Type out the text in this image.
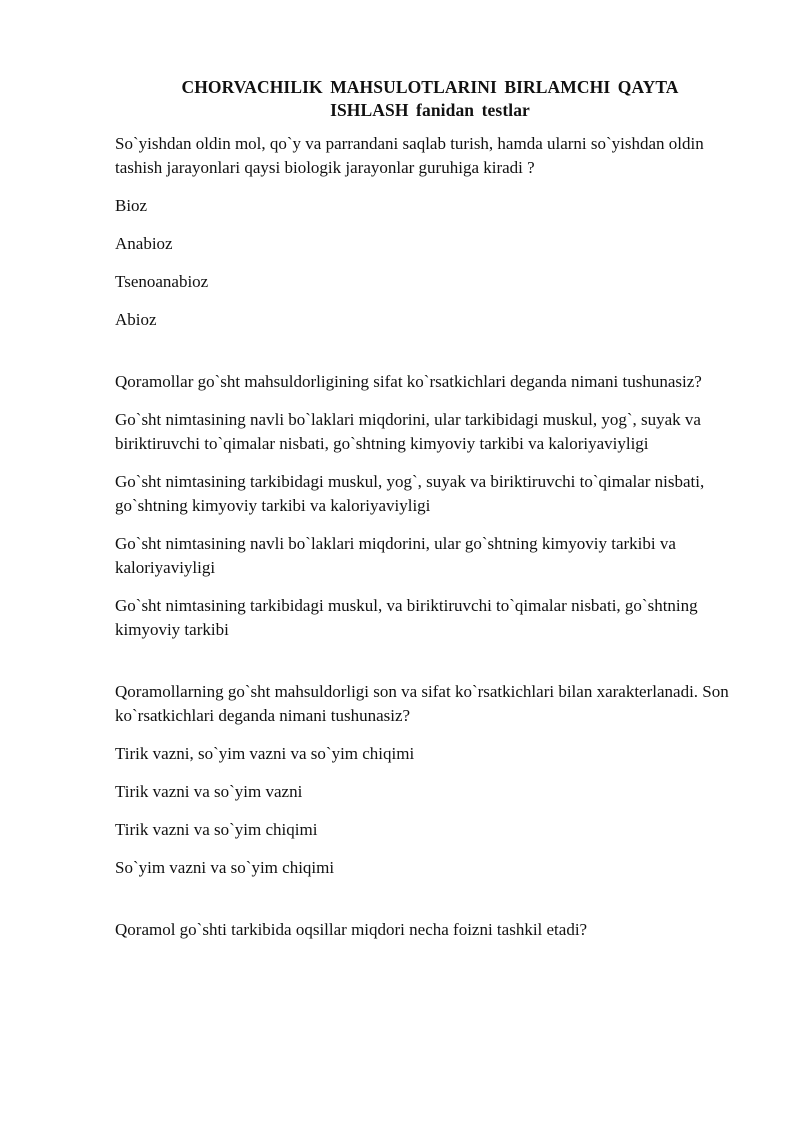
CHORVACHILIK MAHSULOTLARINI BIRLAMCHI QAYTA
ISHLASH fanidan testlar

So`yishdan oldin mol, qo`y va parrandani saqlab turish, hamda ularni so`yishdan oldin tashish jarayonlari qaysi biologik jarayonlar guruhiga kiradi ?

Bioz

Anabioz

Tsenoanabioz

Abioz

Qoramollar go`sht mahsuldorligining sifat ko`rsatkichlari deganda nimani tushunasiz?

Go`sht nimtasining navli bo`laklari miqdorini, ular tarkibidagi muskul, yog`, suyak va biriktiruvchi to`qimalar nisbati, go`shtning kimyoviy tarkibi va kaloriyaviyligi

Go`sht nimtasining tarkibidagi muskul, yog`, suyak va biriktiruvchi to`qimalar nisbati, go`shtning kimyoviy tarkibi va kaloriyaviyligi

Go`sht nimtasining navli bo`laklari miqdorini, ular go`shtning kimyoviy tarkibi va kaloriyaviyligi

Go`sht nimtasining tarkibidagi muskul, va biriktiruvchi to`qimalar nisbati, go`shtning kimyoviy tarkibi

Qoramollarning go`sht mahsuldorligi son va sifat ko`rsatkichlari bilan xarakterlanadi. Son ko`rsatkichlari deganda nimani tushunasiz?

Tirik vazni, so`yim vazni va so`yim chiqimi

Tirik vazni va so`yim vazni

Tirik vazni va so`yim chiqimi

So`yim vazni va so`yim chiqimi

Qoramol go`shti tarkibida oqsillar miqdori necha foizni tashkil etadi?
